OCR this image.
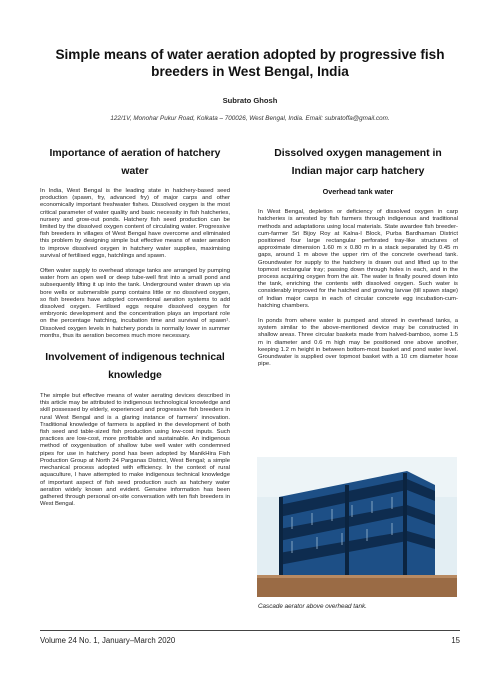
Simple means of water aeration adopted by progressive fish breeders in West Bengal, India
Subrato Ghosh
122/1V, Monohar Pukur Road, Kolkata – 700026, West Bengal, India. Email: subratoffa@gmail.com.
Importance of aeration of hatchery water

In India, West Bengal is the leading state in hatchery-based seed production (spawn, fry, advanced fry) of major carps and other economically important freshwater fishes. Dissolved oxygen is the most critical parameter of water quality and basic necessity in fish hatcheries, nursery and grow-out ponds. Hatchery fish seed production can be limited by the dissolved oxygen content of circulating water. Progressive fish breeders in villages of West Bengal have overcome and eliminated this problem by designing simple but effective means of water aeration to improve dissolved oxygen in hatchery water supplies, maximising survival of fertilised eggs, hatchlings and spawn.

Often water supply to overhead storage tanks are arranged by pumping water from an open well or deep tube-well first into a small pond and subsequently lifting it up into the tank. Underground water drawn up via bore wells or submersible pump contains little or no dissolved oxygen, so fish breeders have adopted conventional aeration systems to add dissolved oxygen. Fertilised eggs require dissolved oxygen for embryonic development and the concentration plays an important role on the percentage hatching, incubation time and survival of spawn¹. Dissolved oxygen levels in hatchery ponds is normally lower in summer months, thus its aeration becomes much more necessary.

Involvement of indigenous technical knowledge

The simple but effective means of water aerating devices described in this article may be attributed to indigenous technological knowledge and skill possessed by elderly, experienced and progressive fish breeders in rural West Bengal and is a glaring instance of farmers’ innovation. Traditional knowledge of farmers is applied in the development of both fish seed and table-sized fish production using low-cost inputs. Such practices are low-cost, more profitable and sustainable. An indigenous method of oxygenisation of shallow tube well water with condemned pipes for use in hatchery pond has been adopted by ManikHira Fish Production Group at North 24 Parganas District, West Bengal; a simple mechanical process adopted with efficiency. In the context of rural aquaculture, I have attempted to make indigenous technical knowledge of important aspect of fish seed production such as hatchery water aeration widely known and evident. Genuine information has been gathered through personal on-site conversation with ten fish breeders in West Bengal.

Dissolved oxygen management in Indian major carp hatchery
Overhead tank water

In West Bengal, depletion or deficiency of dissolved oxygen in carp hatcheries is arrested by fish farmers through indigenous and traditional methods and adaptations using local materials. State awardee fish breeder-cum-farmer Sri Bijoy Roy at Kalna-I Block, Purba Bardhaman District positioned four large rectangular perforated tray-like structures of approximate dimension 1.60 m x 0.80 m in a stack separated by 0.45 m gaps, around 1 m above the upper rim of the concrete overhead tank. Groundwater for supply to the hatchery is drawn out and lifted up to the topmost rectangular tray; passing down through holes in each, and in the process acquiring oxygen from the air. The water is finally poured down into the tank, enriching the contents with dissolved oxygen. Such water is considerably improved for the hatched and growing larvae (till spawn stage) of Indian major carps in each of circular concrete egg incubation-cum-hatching chambers.

In ponds from where water is pumped and stored in overhead tanks, a system similar to the above-mentioned device may be constructed in shallow areas. Three circular baskets made from halved-bamboo, some 1.5 m in diameter and 0.6 m high may be positioned one above another, keeping 1.2 m height in between bottom-most basket and pond water level. Groundwater is supplied over topmost basket with a 10 cm diameter hose pipe.

Cascade aerator above overhead tank.
Volume 24 No. 1, January–March 2020	15
